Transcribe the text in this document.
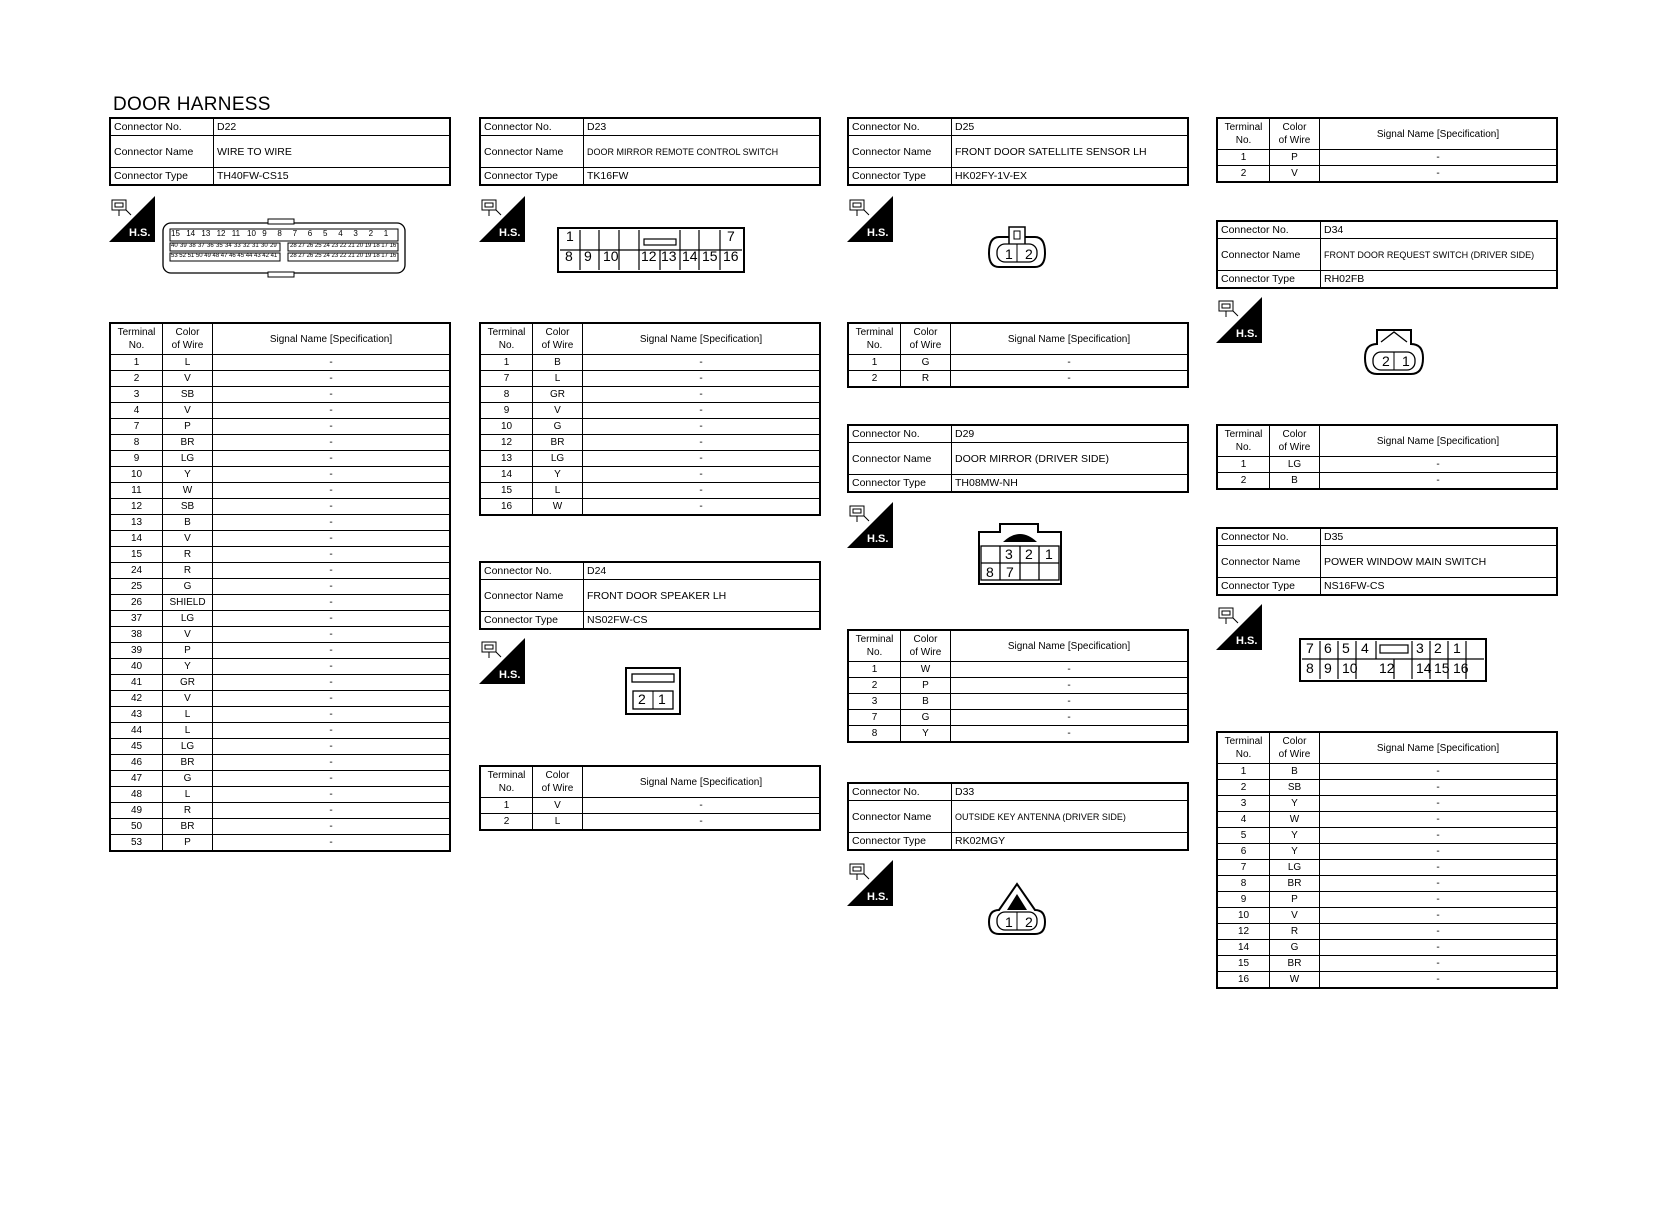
DOOR HARNESS
Connector No.	D22
Connector Name	WIRE TO WIRE
Connector Type	TH40FW-CS15
Connector No.	D23
Connector Name	DOOR MIRROR REMOTE CONTROL SWITCH
Connector Type	TK16FW
Connector No.	D25
Connector Name	FRONT DOOR SATELLITE SENSOR LH
Connector Type	HK02FY-1V-EX
Connector No.	D24
Connector Name	FRONT DOOR SPEAKER LH
Connector Type	NS02FW-CS
Connector No.	D29
Connector Name	DOOR MIRROR (DRIVER SIDE)
Connector Type	TH08MW-NH
Connector No.	D33
Connector Name	OUTSIDE KEY ANTENNA (DRIVER SIDE)
Connector Type	RK02MGY
Connector No.	D34
Connector Name	FRONT DOOR REQUEST SWITCH (DRIVER SIDE)
Connector Type	RH02FB
Connector No.	D35
Connector Name	POWER WINDOW MAIN SWITCH
Connector Type	NS16FW-CS
Terminal
No.	Color
of Wire	Signal Name [Specification]
1	L	-
2	V	-
3	SB	-
4	V	-
7	P	-
8	BR	-
9	LG	-
10	Y	-
11	W	-
12	SB	-
13	B	-
14	V	-
15	R	-
24	R	-
25	G	-
26	SHIELD	-
37	LG	-
38	V	-
39	P	-
40	Y	-
41	GR	-
42	V	-
43	L	-
44	L	-
45	LG	-
46	BR	-
47	G	-
48	L	-
49	R	-
50	BR	-
53	P	-
Terminal
No.	Color
of Wire	Signal Name [Specification]
1	B	-
7	L	-
8	GR	-
9	V	-
10	G	-
12	BR	-
13	LG	-
14	Y	-
15	L	-
16	W	-
Terminal
No.	Color
of Wire	Signal Name [Specification]
1	V	-
2	L	-
Terminal
No.	Color
of Wire	Signal Name [Specification]
1	G	-
2	R	-
Terminal
No.	Color
of Wire	Signal Name [Specification]
1	W	-
2	P	-
3	B	-
7	G	-
8	Y	-
Terminal
No.	Color
of Wire	Signal Name [Specification]
1	P	-
2	V	-
Terminal
No.	Color
of Wire	Signal Name [Specification]
1	LG	-
2	B	-
Terminal
No.	Color
of Wire	Signal Name [Specification]
1	B	-
2	SB	-
3	Y	-
4	W	-
5	Y	-
6	Y	-
7	LG	-
8	BR	-
9	P	-
10	V	-
12	R	-
14	G	-
15	BR	-
16	W	-
H.S.	H.S.	H.S.
H.S.
H.S.
H.S.
H.S.
H.S.
1	7
15 14 13 12 11 10 9 8 7 6 5 4 3 2 1
40 39 38 37 36 35 34 33 32 31 30 29 28 27 26 25 24 23 22 21 20 19 18 17 16
53 52 51 50 49 48 47 46 45 44 43 42 41 28 27 26 25 24 23 22 21 20 19 18 17 16	8 9 10 12 13 14 15 16	1 2
2 1
3 2 1
8 7
1 2
2 1
7 6 5 4	3 2 1
8 9 10 12 14 15 16
